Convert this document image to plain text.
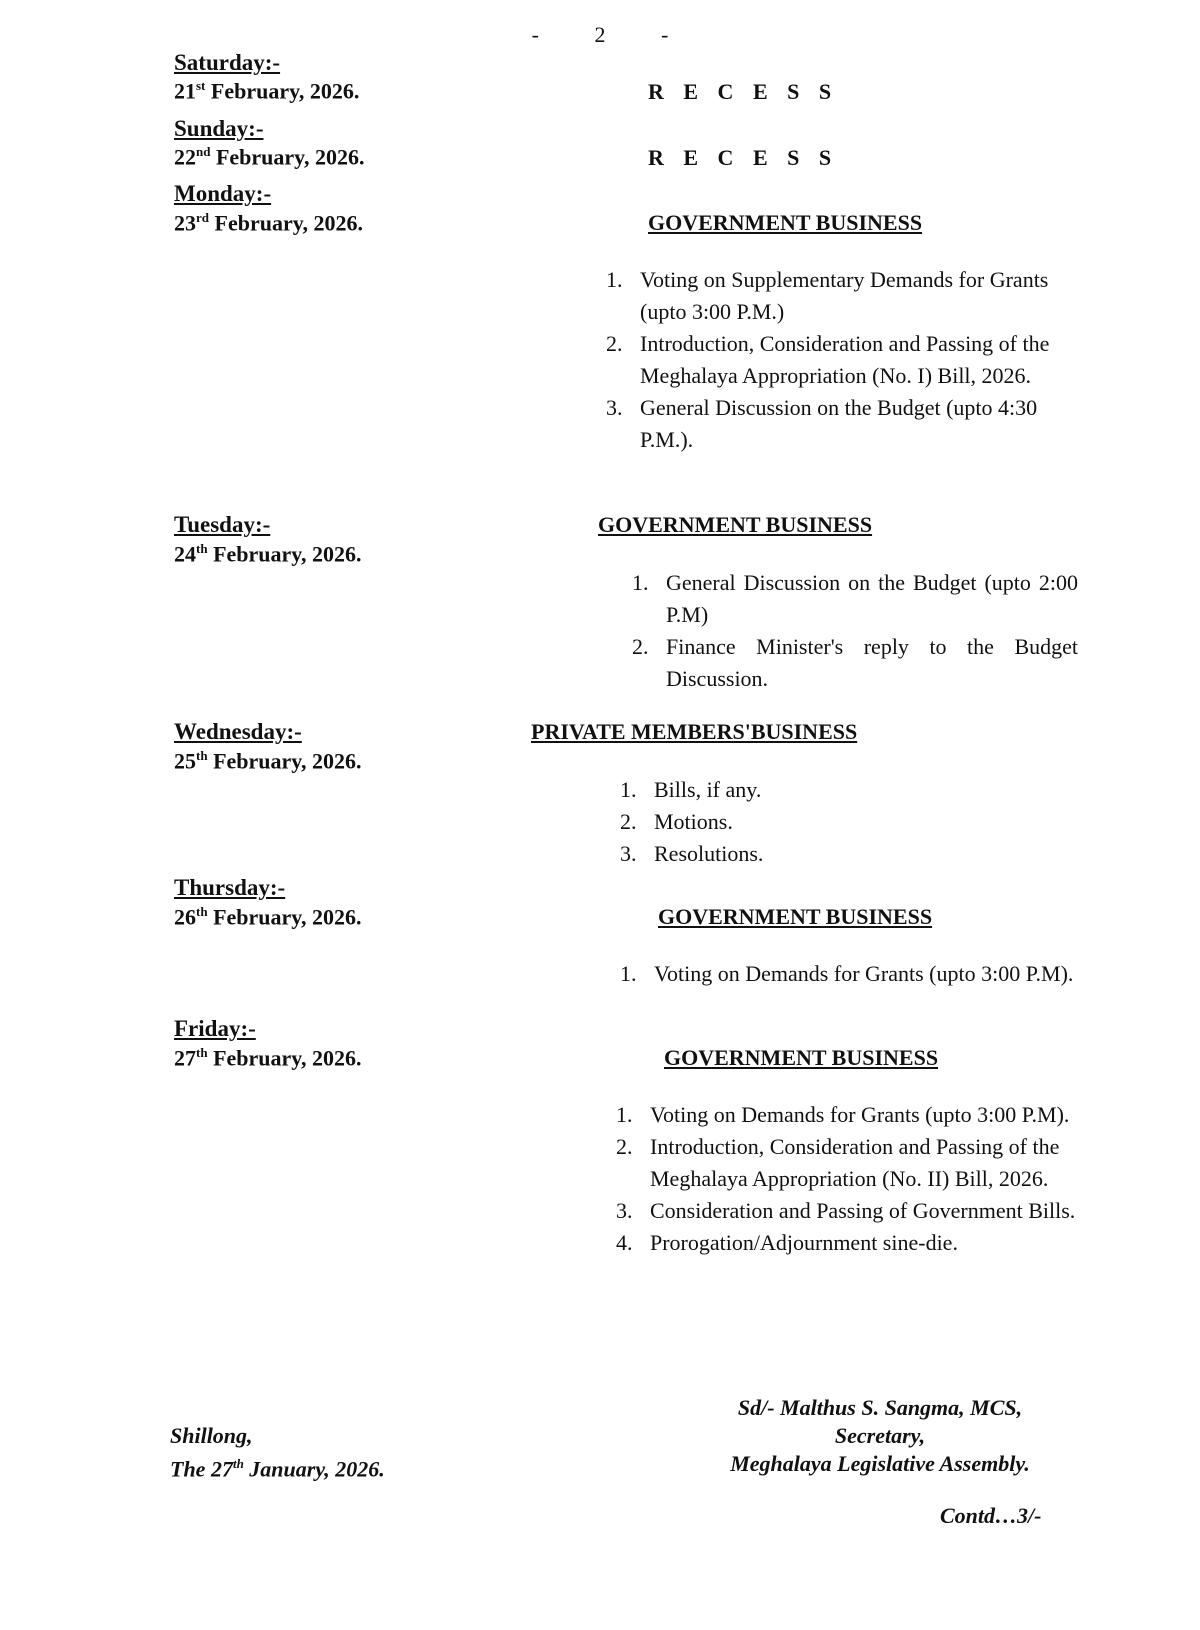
- 2 -
Saturday:-
21st February, 2026.	R E C E S S
Sunday:-
22nd February, 2026.	R E C E S S
Monday:-
23rd February, 2026.	GOVERNMENT BUSINESS
1. Voting on Supplementary Demands for Grants (upto 3:00 P.M.)
2. Introduction, Consideration and Passing of the Meghalaya Appropriation (No. I) Bill, 2026.
3. General Discussion on the Budget (upto 4:30 P.M.).
Tuesday:-
24th February, 2026.
GOVERNMENT BUSINESS
1. General Discussion on the Budget (upto 2:00 P.M)
2. Finance Minister's reply to the Budget Discussion.
Wednesday:-
25th February, 2026.
PRIVATE MEMBERS'BUSINESS
1. Bills, if any.
2. Motions.
3. Resolutions.
Thursday:-
26th February, 2026.	GOVERNMENT BUSINESS
1. Voting on Demands for Grants (upto 3:00 P.M).
Friday:-
27th February, 2026.	GOVERNMENT BUSINESS
1. Voting on Demands for Grants (upto 3:00 P.M).
2. Introduction, Consideration and Passing of the Meghalaya Appropriation (No. II) Bill, 2026.
3. Consideration and Passing of Government Bills.
4. Prorogation/Adjournment sine-die.
Shillong,
The 27th January, 2026.
Sd/- Malthus S. Sangma, MCS,
Secretary,
Meghalaya Legislative Assembly.
Contd…3/-
